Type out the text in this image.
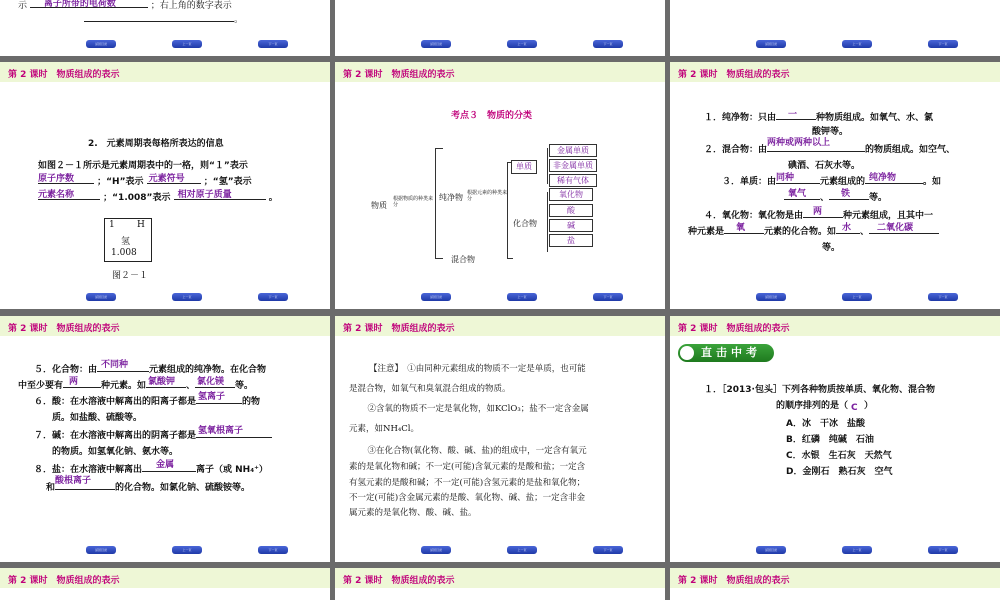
示 离子所带的电荷数	；右上角的数字表示
。
返回目录	上一页	下一页	返回目录	上一页	下一页	返回目录	上一页	下一页
第 2 课时　物质组成的表示
2.　元素周期表每格所表达的信息
如图２－１所示是元素周期表中的一格，则“１”表示
原子序数	；“H”表示 元素符号 ；“氢”表示
元素名称	；“1.008”表示 相对原子质量	。
1 H
氢
1.008
图２－１
返回目录	上一页	下一页
第 2 课时　物质组成的表示
考点３　物质的分类
物质
根据物质的种类来分
纯净物 根据元素的种类来分
混合物
单质
化合物
金属单质
非金属单质
稀有气体
氧化物
酸
碱
盐
返回目录	上一页	下一页
第 2 课时　物质组成的表示
１．纯净物：只由 一 种物质组成。如氧气、水、氯
酸钾等。
２．混合物：由
两种或两种以上
的物质组成。如空气、
碘酒、石灰水等。
３．单质：由 同种	元素组成的 纯净物	。如
氧气 、 铁 等。
４．氧化物：氧化物是由 两 种元素组成，且其中一
种元素是 氧 元素的化合物。如 水 、 二氧化碳
等。
返回目录	上一页	下一页
第 2 课时　物质组成的表示
５．化合物：由 不同种 元素组成的纯净物。在化合物
中至少要有 两	种元素。如 氯酸钾 、 氯化镁 等。
６．酸：在水溶液中解离出的阳离子都是 氢离子 的物
质。如盐酸、硫酸等。
７．碱：在水溶液中解离出的阴离子都是 氢氧根离子
的物质。如氢氧化钠、氨水等。
８．盐：在水溶液中解离出 金属 离子（或 NH₄⁺）
和
酸根离子
的化合物。如氯化钠、硫酸铵等。
返回目录	上一页	下一页
第 2 课时　物质组成的表示
【注意】　①由同种元素组成的物质不一定是单质，也可能
是混合物，如氧气和臭氧混合组成的物质。
　②含氧的物质不一定是氧化物，如KClO₃；盐不一定含金属
元素，如NH₄Cl。
　③在化合物(氧化物、酸、碱、盐)的组成中，一定含有氧元
素的是氧化物和碱；不一定(可能)含氧元素的是酸和盐；一定含
有氢元素的是酸和碱；不一定(可能)含氢元素的是盐和氧化物；
不一定(可能)含金属元素的是酸、氧化物、碱、盐；一定含非金
属元素的是氧化物、酸、碱、盐。
返回目录	上一页	下一页
第 2 课时　物质组成的表示
直击中考
１．［2013·包头］下列各种物质按单质、氧化物、混合物
的顺序排列的是（ C ）
A．冰　干冰　盐酸
B．红磷　纯碱　石油
C．水银　生石灰　天然气
D．金刚石　熟石灰　空气
返回目录	上一页	下一页
第 2 课时　物质组成的表示	第 2 课时　物质组成的表示	第 2 课时　物质组成的表示
